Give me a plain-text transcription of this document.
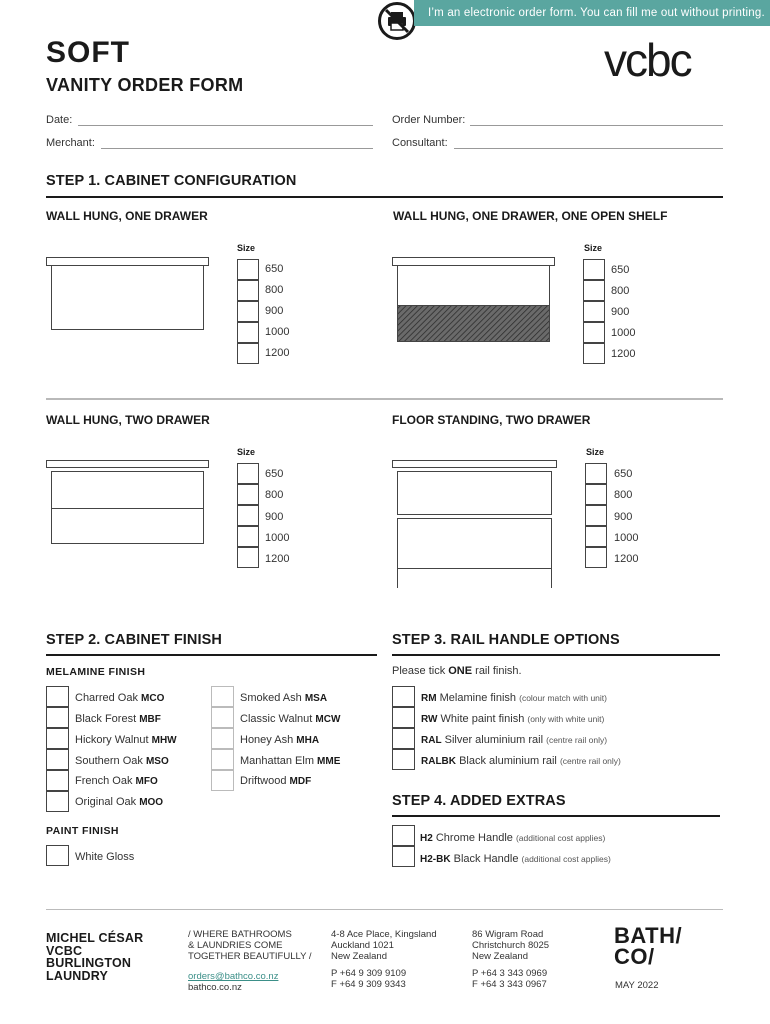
I’m an electronic order form. You can fill me out without printing.
SOFT
VANITY ORDER FORM	vcbc
Date:	Order Number:
Merchant:	Consultant:
STEP 1. CABINET CONFIGURATION
WALL HUNG, ONE DRAWER
Size
650
800
900
1000
1200
WALL HUNG, ONE DRAWER, ONE OPEN SHELF
Size
650
800
900
1000
1200
WALL HUNG, TWO DRAWER
Size
650
800
900
1000
1200
FLOOR STANDING, TWO DRAWER
Size
650
800
900
1000
1200
STEP 2. CABINET FINISH
MELAMINE FINISH
Charred Oak MCO
Black Forest MBF
Hickory Walnut MHW
Southern Oak MSO
French Oak MFO
Original Oak MOO
Smoked Ash MSA
Classic Walnut MCW
Honey Ash MHA
Manhattan Elm MME
Driftwood MDF
PAINT FINISH
White Gloss
STEP 3. RAIL HANDLE OPTIONS
Please tick ONE rail finish.
RM Melamine finish (colour match with unit)
RW White paint finish (only with white unit)
RAL Silver aluminium rail (centre rail only)
RALBK Black aluminium rail (centre rail only)
STEP 4. ADDED EXTRAS
H2 Chrome Handle (additional cost applies)
H2-BK Black Handle (additional cost applies)
MICHEL CÉSAR
VCBC
BURLINGTON
LAUNDRY
/ WHERE BATHROOMS
& LAUNDRIES COME
TOGETHER BEAUTIFULLY /
orders@bathco.co.nz
bathco.co.nz
4-8 Ace Place, Kingsland
Auckland 1021
New Zealand
P +64 9 309 9109
F +64 9 309 9343
86 Wigram Road
Christchurch 8025
New Zealand
P +64 3 343 0969
F +64 3 343 0967
BATH/
CO/
MAY 2022
